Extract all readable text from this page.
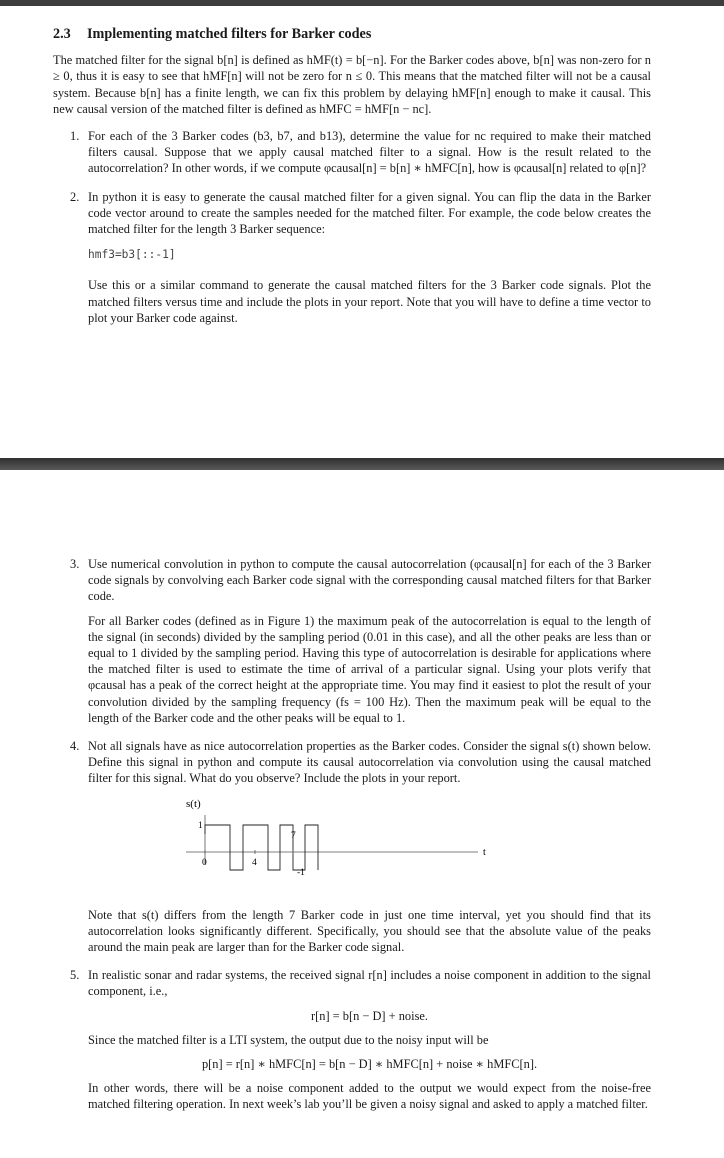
2.3 Implementing matched filters for Barker codes

The matched filter for the signal b[n] is defined as hMF(t) = b[−n]. For the Barker codes above, b[n] was non-zero for n ≥ 0, thus it is easy to see that hMF[n] will not be zero for n ≤ 0. This means that the matched filter will not be a causal system. Because b[n] has a finite length, we can fix this problem by delaying hMF[n] enough to make it causal. This new causal version of the matched filter is defined as hMFC = hMF[n − nc].

1. For each of the 3 Barker codes (b3, b7, and b13), determine the value for nc required to make their matched filters causal. Suppose that we apply causal matched filter to a signal. How is the result related to the autocorrelation? In other words, if we compute φcausal[n] = b[n] ∗ hMFC[n], how is φcausal[n] related to φ[n]?

2. In python it is easy to generate the causal matched filter for a given signal. You can flip the data in the Barker code vector around to create the samples needed for the matched filter. For example, the code below creates the matched filter for the length 3 Barker sequence:

hmf3=b3[::-1]

Use this or a similar command to generate the causal matched filters for the 3 Barker code signals. Plot the matched filters versus time and include the plots in your report. Note that you will have to define a time vector to plot your Barker code against.

3. Use numerical convolution in python to compute the causal autocorrelation (φcausal[n] for each of the 3 Barker code signals by convolving each Barker code signal with the corresponding causal matched filters for that Barker code.

For all Barker codes (defined as in Figure 1) the maximum peak of the autocorrelation is equal to the length of the signal (in seconds) divided by the sampling period (0.01 in this case), and all the other peaks are less than or equal to 1 divided by the sampling period. Having this type of autocorrelation is desirable for applications where the matched filter is used to estimate the time of arrival of a particular signal. Using your plots verify that φcausal has a peak of the correct height at the appropriate time. You may find it easiest to plot the result of your convolution divided by the sampling frequency (fs = 100 Hz). Then the maximum peak will be equal to the length of the Barker code and the other peaks will be equal to 1.

4. Not all signals have as nice autocorrelation properties as the Barker codes. Consider the signal s(t) shown below. Define this signal in python and compute its causal autocorrelation via convolution using the causal matched filter for this signal. What do you observe? Include the plots in your report.

s(t)
t
1
0	4
7
-1

Note that s(t) differs from the length 7 Barker code in just one time interval, yet you should find that its autocorrelation looks significantly different. Specifically, you should see that the absolute value of the peaks around the main peak are larger than for the Barker code signal.

5. In realistic sonar and radar systems, the received signal r[n] includes a noise component in addition to the signal component, i.e.,

r[n] = b[n − D] + noise.

Since the matched filter is a LTI system, the output due to the noisy input will be

p[n] = r[n] ∗ hMFC[n] = b[n − D] ∗ hMFC[n] + noise ∗ hMFC[n].

In other words, there will be a noise component added to the output we would expect from the noise-free matched filtering operation. In next week’s lab you’ll be given a noisy signal and asked to apply a matched filter.
